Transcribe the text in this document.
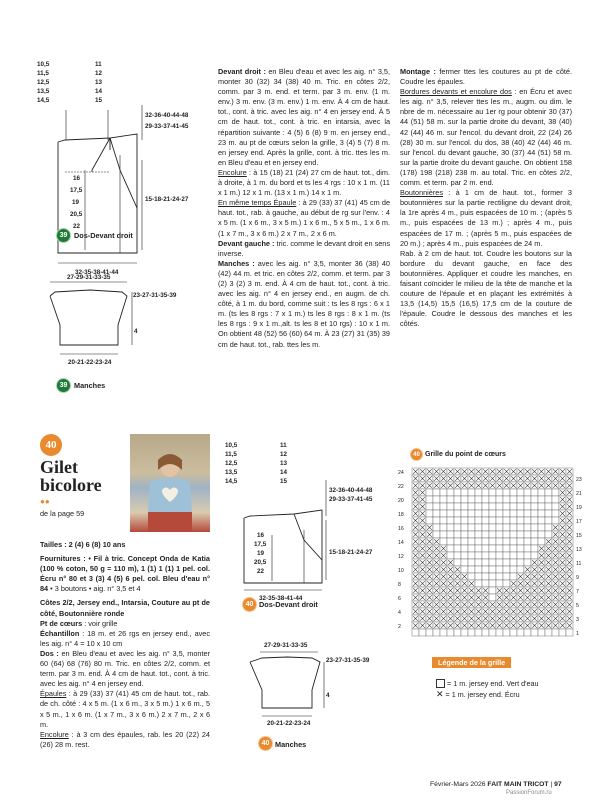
10,5
11,5
12,5
13,5
14,5
11
12
13
14
15
32-36-40-44-48
29-33-37-41-45
15-18-21-24-27
16
17,5
19
20,5
22
32-35-38-41-44
27-29-31-33-35
23-27-31-35-39
4
20-21-22-23-24
39 Dos-Devant droit
39 Manches

Devant droit : en Bleu d'eau et avec les aig. n° 3,5, monter 30 (32) 34 (38) 40 m. Tric. en côtes 2/2, comm. par 3 m. end. et term. par 3 m. env. (1 m. env.) 3 m. env. (3 m. env.) 1 m. env. À 4 cm de haut. tot., cont. à tric. avec les aig. n° 4 en jersey end. À 5 cm de haut. tot., cont. à tric. en intarsia, avec la répartition suivante : 4 (5) 6 (8) 9 m. en jersey end., 23 m. au pt de cœurs selon la grille, 3 (4) 5 (7) 8 m. en jersey end. Après la grille, cont. à tric. ttes les m. en Bleu d'eau et en jersey end.

Encolure : à 15 (18) 21 (24) 27 cm de haut. tot., dim. à droite, à 1 m. du bord et ts les 4 rgs : 10 x 1 m. (11 x 1 m.) 12 x 1 m. (13 x 1 m.) 14 x 1 m.

En même temps Épaule : à 29 (33) 37 (41) 45 cm de haut. tot., rab. à gauche, au début de rg sur l'env. : 4 x 5 m. (1 x 6 m., 3 x 5 m.) 1 x 6 m., 5 x 5 m., 1 x 6 m. (1 x 7 m., 3 x 6 m.) 2 x 7 m., 2 x 6 m.

Devant gauche : tric. comme le devant droit en sens inverse.

Manches : avec les aig. n° 3,5, monter 36 (38) 40 (42) 44 m. et tric. en côtes 2/2, comm. et term. par 3 (2) 3 (2) 3 m. end. À 4 cm de haut. tot., cont. à tric. avec les aig. n° 4 en jersey end., en augm. de ch. côté, à 1 m. du bord, comme suit : ts les 8 rgs : 6 x 1 m. (ts les 8 rgs : 7 x 1 m.) ts les 8 rgs : 8 x 1 m. (ts les 8 rgs : 9 x 1 m.,alt. ts les 8 et 10 rgs) : 10 x 1 m. On obtient 48 (52) 56 (60) 64 m. À 23 (27) 31 (35) 39 cm de haut. tot., rab. ttes les m.

Montage : fermer ttes les coutures au pt de côté. Coudre les épaules.

Bordures devants et encolure dos : en Écru et avec les aig. n° 3,5, relever ttes les m., augm. ou dim. le nbre de m. nécessaire au 1er rg pour obtenir 30 (37) 44 (51) 58 m. sur la partie droite du devant, 38 (40) 42 (44) 46 m. sur l'encol. du devant droit, 22 (24) 26 (28) 30 m. sur l'encol. du dos, 38 (40) 42 (44) 46 m. sur l'encol. du devant gauche, 30 (37) 44 (51) 58 m. sur la partie droite du devant gauche. On obtient 158 (178) 198 (218) 238 m. au total. Tric. en côtes 2/2, comm. et term. par 2 m. end.

Boutonnières : à 1 cm de haut. tot., former 3 boutonnières sur la partie rectiligne du devant droit, la 1re après 4 m., puis espacées de 10 m. ; (après 5 m., puis espacées de 13 m.) ; après 4 m., puis espacées de 17 m. ; (après 5 m., puis espacées de 20 m.) ; après 4 m., puis espacées de 24 m.

Rab. à 2 cm de haut. tot. Coudre les boutons sur la bordure du devant gauche, en face des boutonnières. Appliquer et coudre les manches, en faisant coïncider le milieu de la tête de manche et la couture de l'épaule et en plaçant les extrémités à 13,5 (14,5) 15,5 (16,5) 17,5 cm de la couture de l'épaule. Coudre le dessous des manches et les côtés.

40
Gilet
bicolore
●●
de la page 59

Tailles : 2 (4) 6 (8) 10 ans

Fournitures : • Fil à tric. Concept Onda de Katia (100 % coton, 50 g = 110 m), 1 (1) 1 (1) 1 pel. col. Écru n° 80 et 3 (3) 4 (5) 6 pel. col. Bleu d'eau n° 84 • 3 boutons • aig. n° 3,5 et 4

Côtes 2/2, Jersey end., Intarsia, Couture au pt de côté, Boutonnière ronde

Pt de cœurs : voir grille

Échantillon : 18 m. et 26 rgs en jersey end., avec les aig. n° 4 = 10 x 10 cm

Dos : en Bleu d'eau et avec les aig. n° 3,5, monter 60 (64) 68 (76) 80 m. Tric. en côtes 2/2, comm. et term. par 3 m. end. À 4 cm de haut. tot., cont. à tric. avec les aig. n° 4 en jersey end.

Épaules : à 29 (33) 37 (41) 45 cm de haut. tot., rab. de ch. côté : 4 x 5 m. (1 x 6 m., 3 x 5 m.) 1 x 6 m., 5 x 5 m., 1 x 6 m. (1 x 7 m., 3 x 6 m.) 2 x 7 m., 2 x 6 m.

Encolure : à 3 cm des épaules, rab. les 20 (22) 24 (26) 28 m. rest.

10,5
11,5
12,5
13,5
14,5
11
12
13
14
15
32-36-40-44-48
29-33-37-41-45
15-18-21-24-27
16
17,5
19
20,5
22
32-35-38-41-44
27-29-31-33-35
23-27-31-35-39
4
20-21-22-23-24
40 Dos-Devant droit
40 Manches
40 Grille du point de cœurs
24
22
20
18
16
14
12
10
8
6
4
2
23
21
19
17
15
13
11
9
7
5
3
1
Légende de la grille
= 1 m. jersey end. Vert d'eau
✕ = 1 m. jersey end. Écru
Février-Mars 2026 FAIT MAIN TRICOT | 97
PassionForum.ru
